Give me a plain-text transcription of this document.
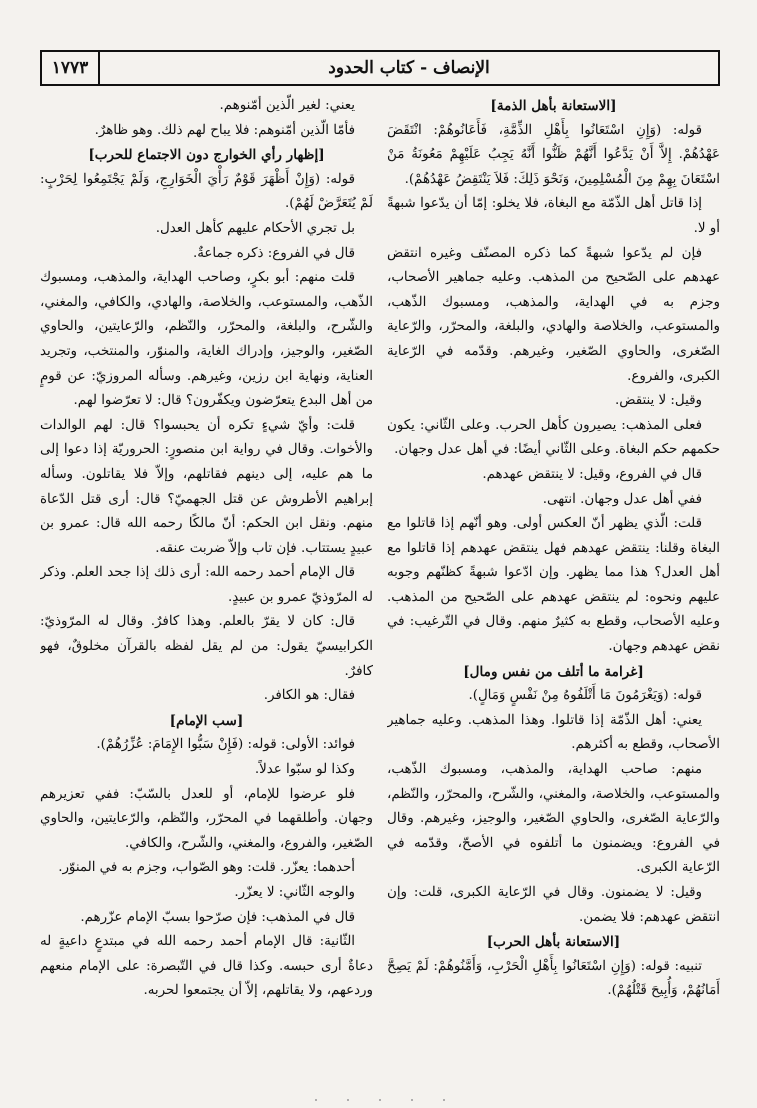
الإنصاف - كتاب الحدود
١٧٧٣
[الاستعانة بأهل الذمة]

قوله: (وَإِنِ اسْتَعَانُوا بِأَهْلِ الذِّمَّةِ، فَأَعَانُوهُمْ: انْتَقَضَ عَهْدُهُمْ. إِلاَّ أَنْ يَدَّعُوا أَنَّهُمْ ظَنُّوا أَنَّهُ يَجِبُ عَلَيْهِمْ مَعُونَةُ مَنْ اسْتَعَانَ بِهِمْ مِنَ الْمُسْلِمِينَ، وَنَحْوَ ذَلِكَ: فَلاَ يَنْتَقِضُ عَهْدُهُمْ).

إذا قاتل أهل الذّمّة مع البغاة، فلا يخلو: إمّا أن يدّعوا شبهةً أو لا.

فإن لم يدّعوا شبهةً كما ذكره المصنّف وغيره انتقض عهدهم على الصّحيح من المذهب. وعليه جماهير الأصحاب، وجزم به في الهداية، والمذهب، ومسبوك الذّهب، والمستوعب، والخلاصة والهادي، والبلغة، والمحرّر، والرّعاية الصّغرى، والحاوي الصّغير، وغيرهم. وقدّمه في الرّعاية الكبرى، والفروع.

وقيل: لا ينتقض.

فعلى المذهب: يصيرون كأهل الحرب. وعلى الثّاني: يكون حكمهم حكم البغاة. وعلى الثّاني أيضًا: في أهل عدل وجهان.

قال في الفروع، وقيل: لا ينتقض عهدهم.

ففي أهل عدل وجهان. انتهى.

قلت: الّذي يظهر أنّ العكس أولى. وهو أنّهم إذا قاتلوا مع البغاة وقلنا: ينتقض عهدهم فهل ينتقض عهدهم إذا قاتلوا مع أهل العدل؟ هذا مما يظهر. وإن ادّعوا شبهةً كظنّهم وجوبه عليهم ونحوه: لم ينتقض عهدهم على الصّحيح من المذهب. وعليه الأصحاب، وقطع به كثيرٌ منهم. وقال في التّرغيب: في نقض عهدهم وجهان.

[غرامة ما أتلف من نفس ومال]

قوله: (وَيَغْرَمُونَ مَا أَتْلَفُوهُ مِنْ نَفْسٍ وَمَالٍ).

يعني: أهل الذّمّة إذا قاتلوا. وهذا المذهب. وعليه جماهير الأصحاب، وقطع به أكثرهم.

منهم: صاحب الهداية، والمذهب، ومسبوك الذّهب، والمستوعب، والخلاصة، والمغني، والشّرح، والمحرّر، والنّظم، والرّعاية الصّغرى، والحاوي الصّغير، والوجيز، وغيرهم. وقال في الفروع: ويضمنون ما أتلفوه في الأصحّ، وقدّمه في الرّعاية الكبرى.

وقيل: لا يضمنون. وقال في الرّعاية الكبرى، قلت: وإن انتقض عهدهم: فلا يضمن.

[الاستعانة بأهل الحرب]

تنبيه: قوله: (وَإِنِ اسْتَعَانُوا بِأَهْلِ الْحَرْبِ، وَأَمَّنُوهُمْ: لَمْ يَصِحَّ أَمَانُهُمْ، وَأُبِيحَ قَتْلُهُمْ).

يعني: لغير الّذين أمّنوهم.

فأمّا الّذين أمّنوهم: فلا يباح لهم ذلك. وهو ظاهرٌ.

[إظهار رأي الخوارج دون الاجتماع للحرب]

قوله: (وَإِنْ أَظْهَرَ قَوْمٌ رَأْيَ الْخَوَارِجِ، وَلَمْ يَجْتَمِعُوا لِحَرْبٍ: لَمْ يُتَعَرَّضْ لَهُمْ).

بل تجري الأحكام عليهم كأهل العدل.

قال في الفروع: ذكره جماعةٌ.

قلت منهم: أبو بكرٍ، وصاحب الهداية، والمذهب، ومسبوك الذّهب، والمستوعب، والخلاصة، والهادي، والكافي، والمغني، والشّرح، والبلغة، والمحرّر، والنّظم، والرّعايتين، والحاوي الصّغير، والوجيز، وإدراك الغاية، والمنوّر، والمنتخب، وتجريد العناية، ونهاية ابن رزين، وغيرهم. وسأله المروزيّ: عن قومٍ من أهل البدع يتعرّضون ويكفّرون؟ قال: لا تعرّضوا لهم.

قلت: وأيّ شيءٍ تكره أن يحبسوا؟ قال: لهم الوالدات والأخوات. وقال في رواية ابن منصورٍ: الحروريّة إذا دعوا إلى ما هم عليه، إلى دينهم فقاتلهم، وإلاّ فلا يقاتلون. وسأله إبراهيم الأطروش عن قتل الجهميّ؟ قال: أرى قتل الدّعاة منهم. ونقل ابن الحكم: أنّ مالكًا رحمه الله قال: عمرو بن عبيدٍ يستتاب. فإن تاب وإلاّ ضربت عنقه.

قال الإمام أحمد رحمه الله: أرى ذلك إذا جحد العلم. وذكر له المرّوذيّ عمرو بن عبيدٍ.

قال: كان لا يقرّ بالعلم. وهذا كافرٌ. وقال له المرّوذيّ: الكرابيسيّ يقول: من لم يقل لفظه بالقرآن مخلوقٌ، فهو كافرٌ.

فقال: هو الكافر.

[سب الإمام]

فوائد: الأولى: قوله: (فَإِنْ سَبُّوا الإِمَامَ: عُزِّرُهُمْ).

وكذا لو سبّوا عدلاً.

فلو عرضوا للإمام، أو للعدل بالسّبّ: ففي تعزيرهم وجهان. وأطلقهما في المحرّر، والنّظم، والرّعايتين، والحاوي الصّغير، والفروع، والمغني، والشّرح، والكافي.

أحدهما: يعزّر. قلت: وهو الصّواب، وجزم به في المنوّر.

والوجه الثّاني: لا يعزّر.

قال في المذهب: فإن صرّحوا بسبّ الإمام عزّرهم.

الثّانية: قال الإمام أحمد رحمه الله في مبتدعٍ داعيةٍ له دعاةٌ أرى حبسه. وكذا قال في التّبصرة: على الإمام منعهم وردعهم، ولا يقاتلهم، إلاّ أن يجتمعوا لحربه.
